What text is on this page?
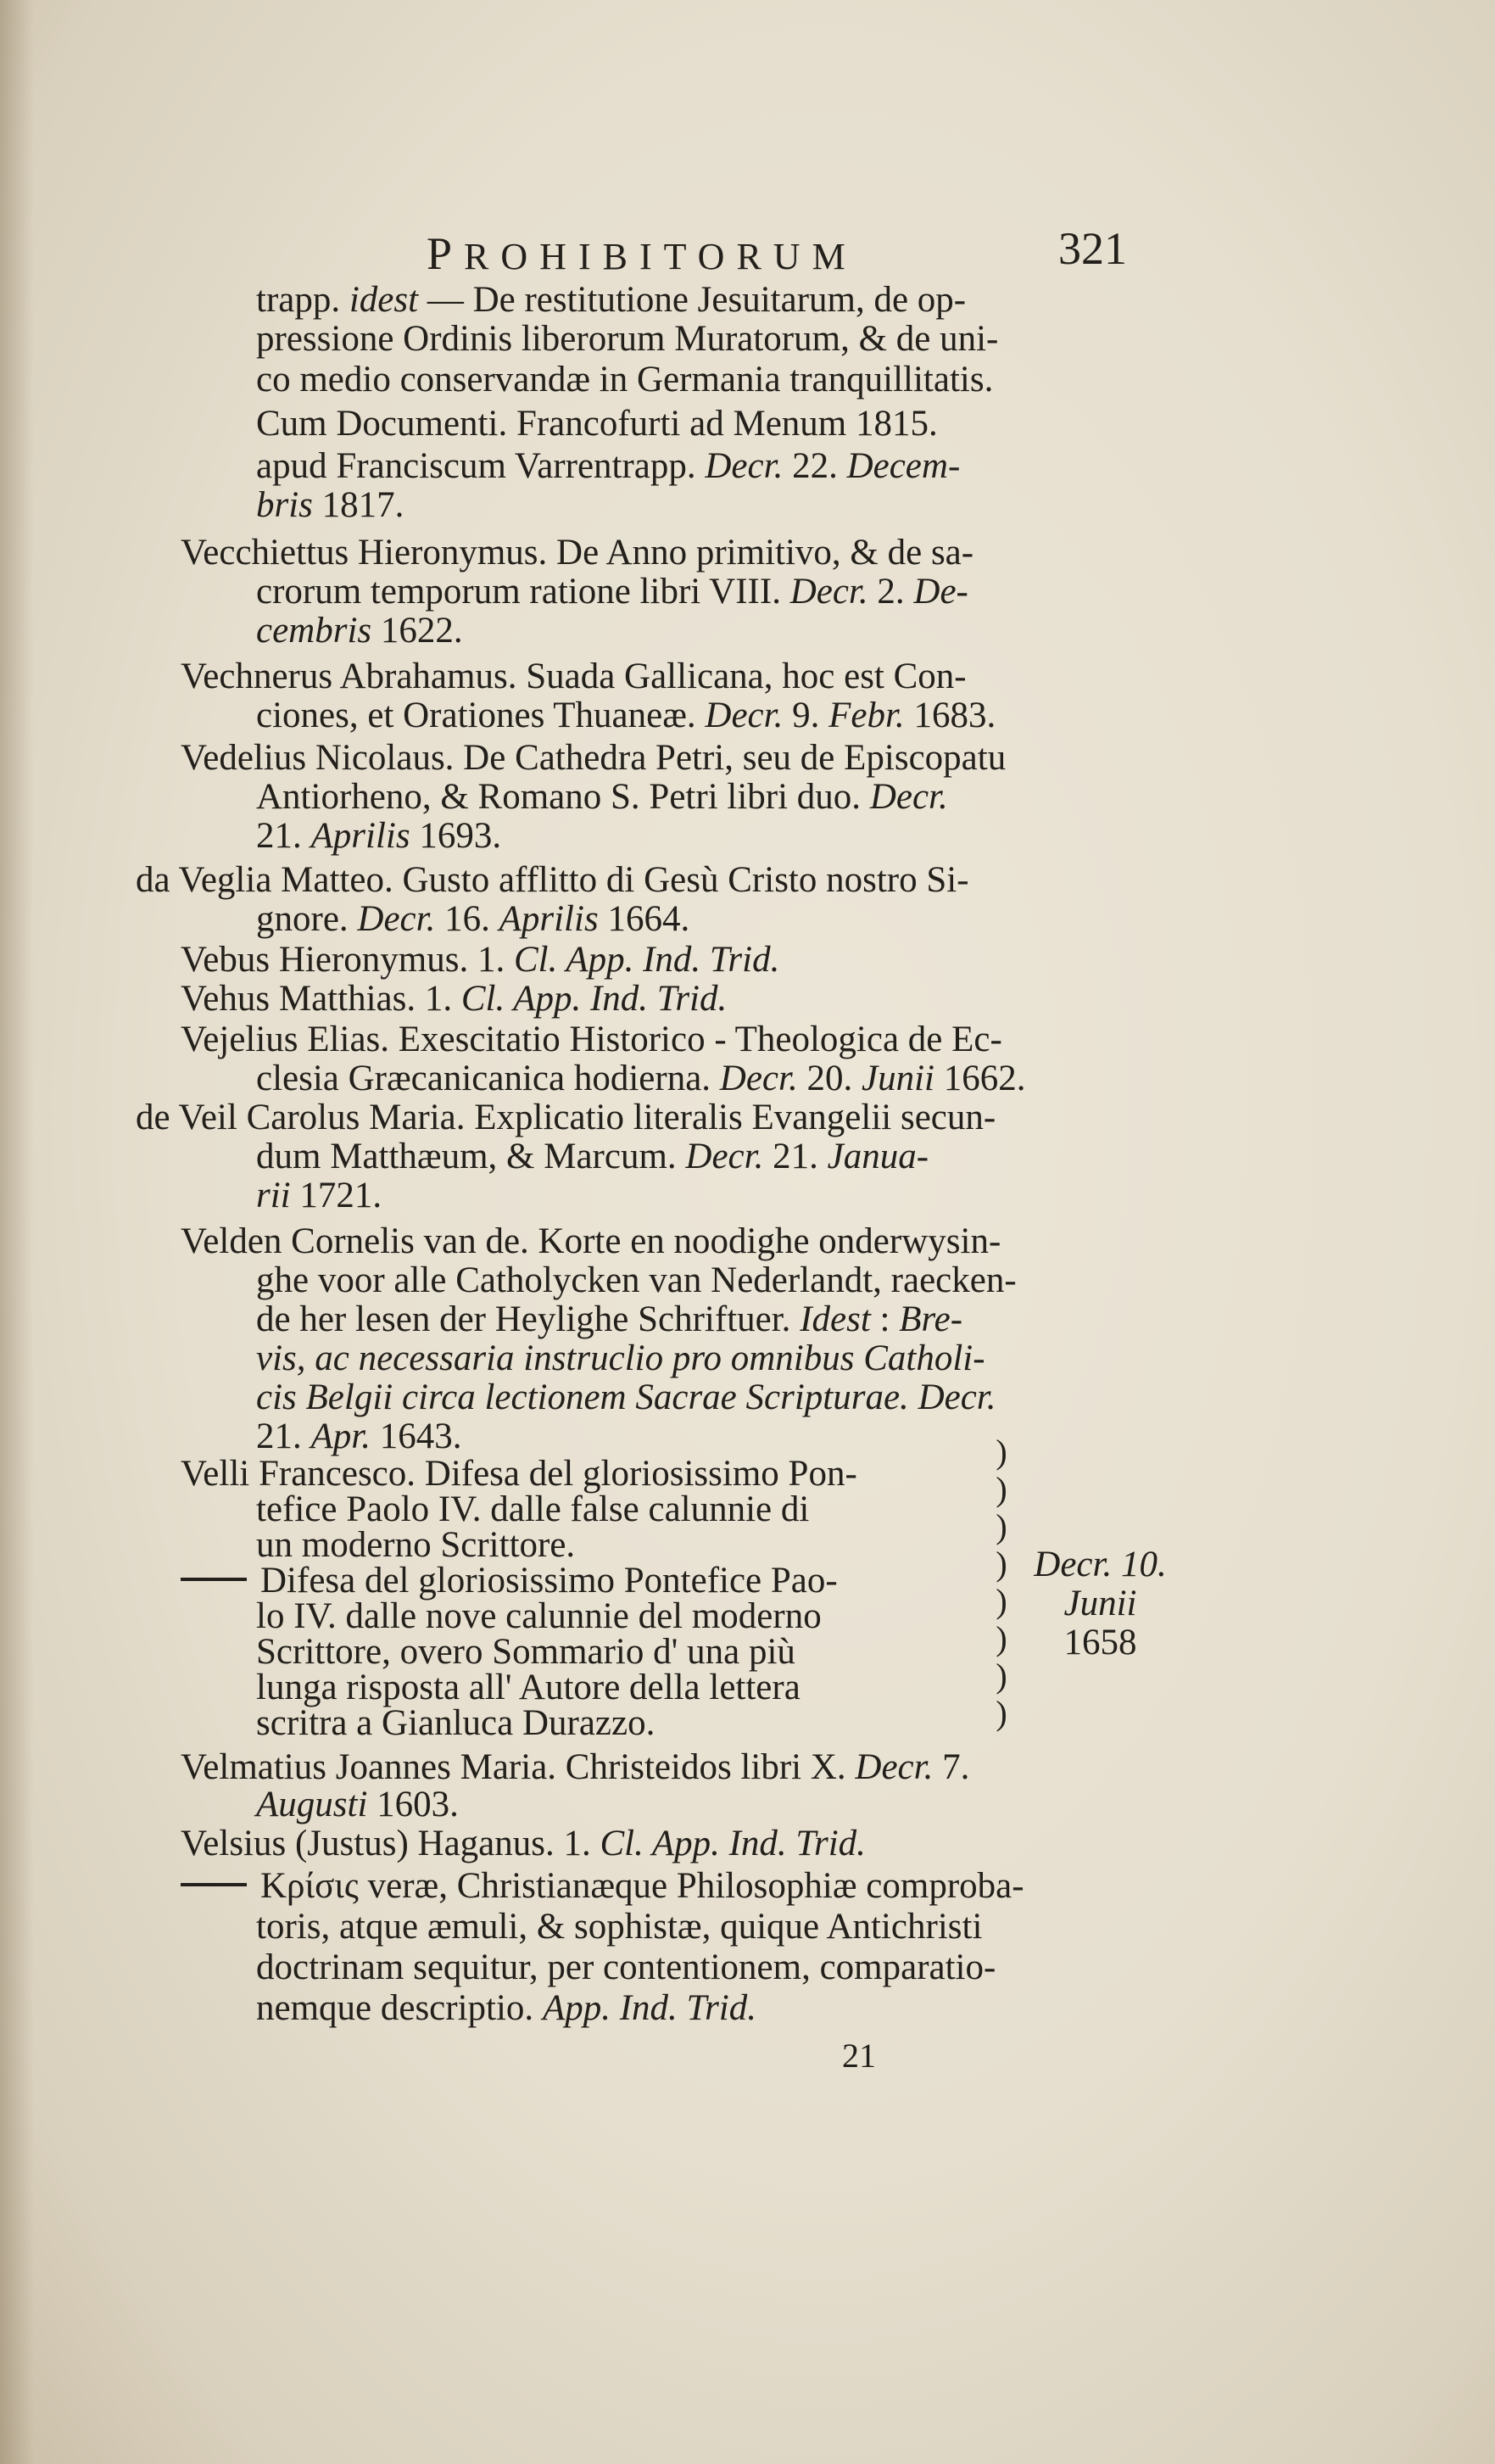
PROHIBITORUM	321
trapp. idest — De restitutione Jesuitarum, de op-
pressione Ordinis liberorum Muratorum, & de uni-
co medio conservandæ in Germania tranquillitatis.
Cum Documenti. Francofurti ad Menum 1815.
apud Franciscum Varrentrapp. Decr. 22. Decem-
bris 1817.
Vecchiettus Hieronymus. De Anno primitivo, & de sa-
crorum temporum ratione libri VIII. Decr. 2. De-
cembris 1622.
Vechnerus Abrahamus. Suada Gallicana, hoc est Con-
ciones, et Orationes Thuaneæ. Decr. 9. Febr. 1683.
Vedelius Nicolaus. De Cathedra Petri, seu de Episcopatu
Antiorheno, & Romano S. Petri libri duo. Decr.
21. Aprilis 1693.
da Veglia Matteo. Gusto afflitto di Gesù Cristo nostro Si-
gnore. Decr. 16. Aprilis 1664.
Vebus Hieronymus. 1. Cl. App. Ind. Trid.
Vehus Matthias. 1. Cl. App. Ind. Trid.
Vejelius Elias. Exescitatio Historico - Theologica de Ec-
clesia Græcanicanica hodierna. Decr. 20. Junii 1662.
de Veil Carolus Maria. Explicatio literalis Evangelii secun-
dum Matthæum, & Marcum. Decr. 21. Janua-
rii 1721.
Velden Cornelis van de. Korte en noodighe onderwysin-
ghe voor alle Catholycken van Nederlandt, raecken-
de her lesen der Heylighe Schriftuer. Idest : Bre-
vis, ac necessaria instruclio pro omnibus Catholi-
cis Belgii circa lectionem Sacrae Scripturae. Decr.
21. Apr. 1643.
Velli Francesco. Difesa del gloriosissimo Pon-
tefice Paolo IV. dalle false calunnie di
un moderno Scrittore.
Difesa del gloriosissimo Pontefice Pao-
lo IV. dalle nove calunnie del moderno
Scrittore, overo Sommario d' una più
lunga risposta all' Autore della lettera
scritra a Gianluca Durazzo.
)
)
)
)
)
)
)
)
Decr. 10.
Junii
1658
Velmatius Joannes Maria. Christeidos libri X. Decr. 7.
Augusti 1603.
Velsius (Justus) Haganus. 1. Cl. App. Ind. Trid.
Κρίσις veræ, Christianæque Philosophiæ comproba-
toris, atque æmuli, & sophistæ, quique Antichristi
doctrinam sequitur, per contentionem, comparatio-
nemque descriptio. App. Ind. Trid.
21
